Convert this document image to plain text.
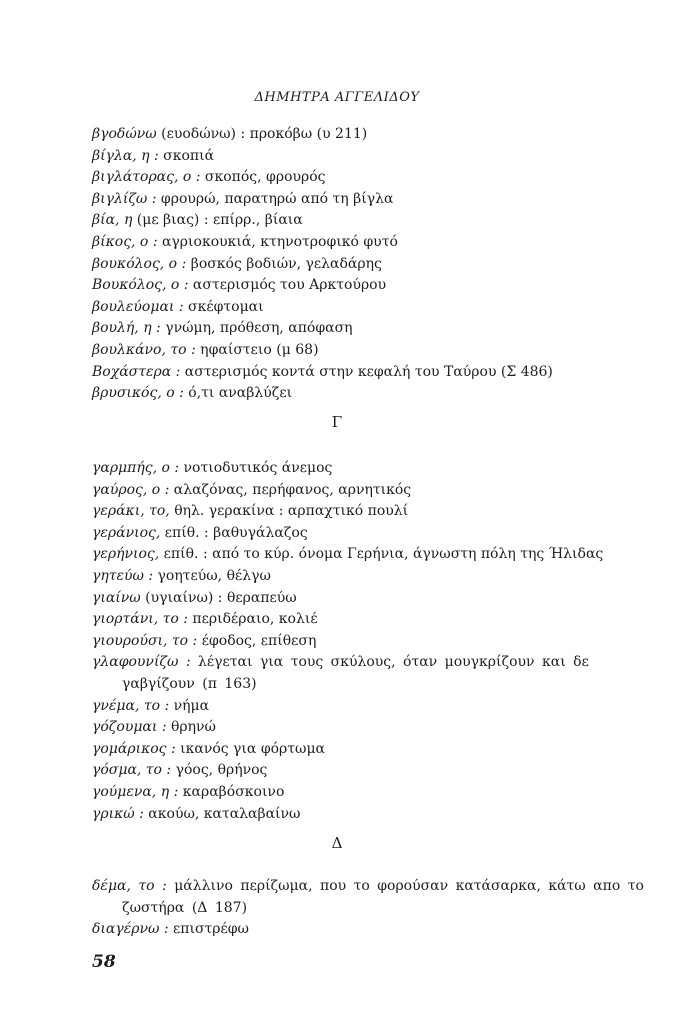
ΔΗΜΗΤΡΑ ΑΓΓΕΛΙΔΟΥ
βγοδώνω (ευοδώνω) : προκόβω (υ 211)
βίγλα, η : σκοπιά
βιγλάτορας, ο : σκοπός, φρουρός
βιγλίζω : φρουρώ, παρατηρώ από τη βίγλα
βία, η (με βιας) : επίρρ., βίαια
βίκος, ο : αγριοκουκιά, κτηνοτροφικό φυτό
βουκόλος, ο : βοσκός βοδιών, γελαδάρης
Βουκόλος, ο : αστερισμός του Αρκτούρου
βουλεύομαι : σκέφτομαι
βουλή, η : γνώμη, πρόθεση, απόφαση
βουλκάνο, το : ηφαίστειο (μ 68)
Βοχάστερα : αστερισμός κοντά στην κεφαλή του Ταύρου (Σ 486)
βρυσικός, ο : ό,τι αναβλύζει
Γ
γαρμπής, ο : νοτιοδυτικός άνεμος
γαύρος, ο : αλαζόνας, περήφανος, αρνητικός
γεράκι, το, θηλ. γερακίνα : αρπαχτικό πουλί
γεράνιος, επίθ. : βαθυγάλαζος
γερήνιος, επίθ. : από το κύρ. όνομα Γερήνια, άγνωστη πόλη της Ήλιδας
γητεύω : γοητεύω, θέλγω
γιαίνω (υγιαίνω) : θεραπεύω
γιορτάνι, το : περιδέραιο, κολιέ
γιουρούσι, το : έφοδος, επίθεση
γλαφουνίζω : λέγεται για τους σκύλους, όταν μουγκρίζουν και δε γαβγίζουν (π 163)
γνέμα, το : νήμα
γόζουμαι : θρηνώ
γομάρικος : ικανός για φόρτωμα
γόσμα, το : γόος, θρήνος
γούμενα, η : καραβόσκοινο
γρικώ : ακούω, καταλαβαίνω
Δ
δέμα, το : μάλλινο περίζωμα, που το φορούσαν κατάσαρκα, κάτω απο το ζωστήρα (Δ 187)
διαγέρνω : επιστρέφω
58
